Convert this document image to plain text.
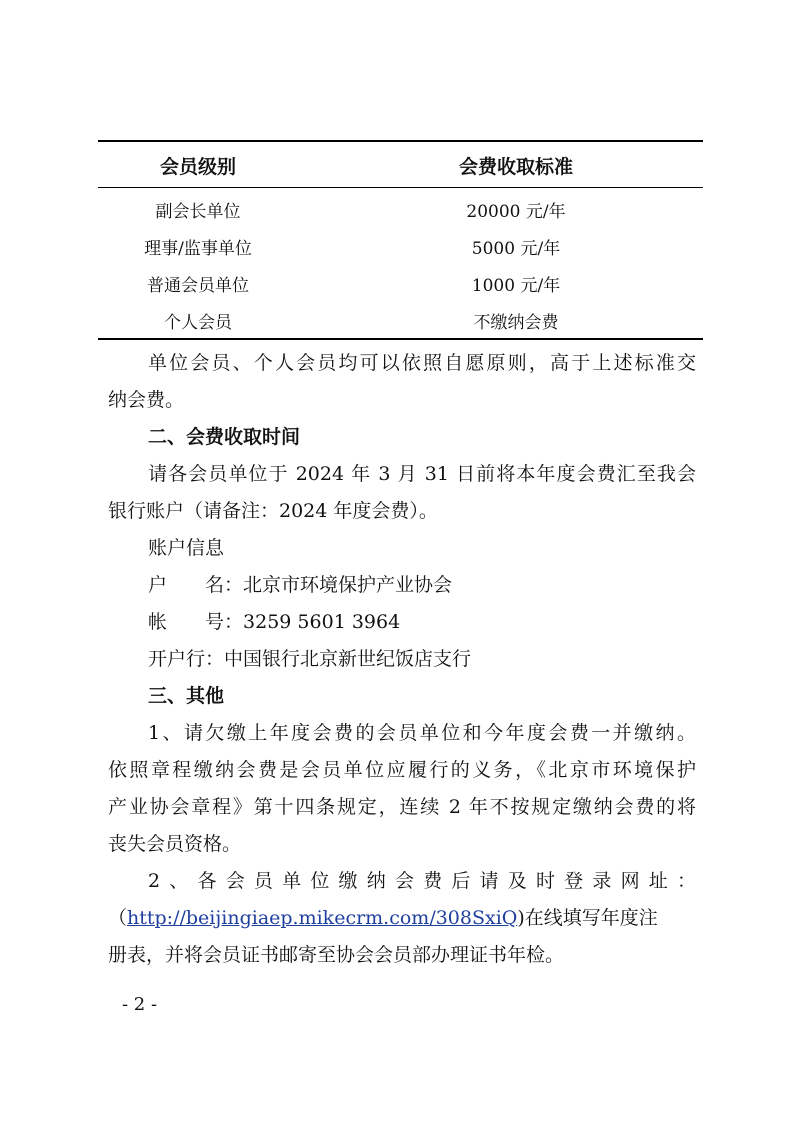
会员级别	会费收取标准
副会长单位	20000 元/年
理事/监事单位	5000 元/年
普通会员单位	1000 元/年
个人会员	不缴纳会费
单位会员、个人会员均可以依照自愿原则，高于上述标准交
纳会费。
二、会费收取时间
请各会员单位于 2024 年 3 月 31 日前将本年度会费汇至我会
银行账户（请备注：2024 年度会费）。
账户信息
户 名：北京市环境保护产业协会
帐 号：3259 5601 3964
开户行：中国银行北京新世纪饭店支行
三、其他
1、请欠缴上年度会费的会员单位和今年度会费一并缴纳。
依照章程缴纳会费是会员单位应履行的义务，《北京市环境保护
产业协会章程》第十四条规定，连续 2 年不按规定缴纳会费的将
丧失会员资格。
2、各会员单位缴纳会费后请及时登录网址：
（http://beijingiaep.mikecrm.com/308SxiQ)在线填写年度注
册表，并将会员证书邮寄至协会会员部办理证书年检。
- 2 -
